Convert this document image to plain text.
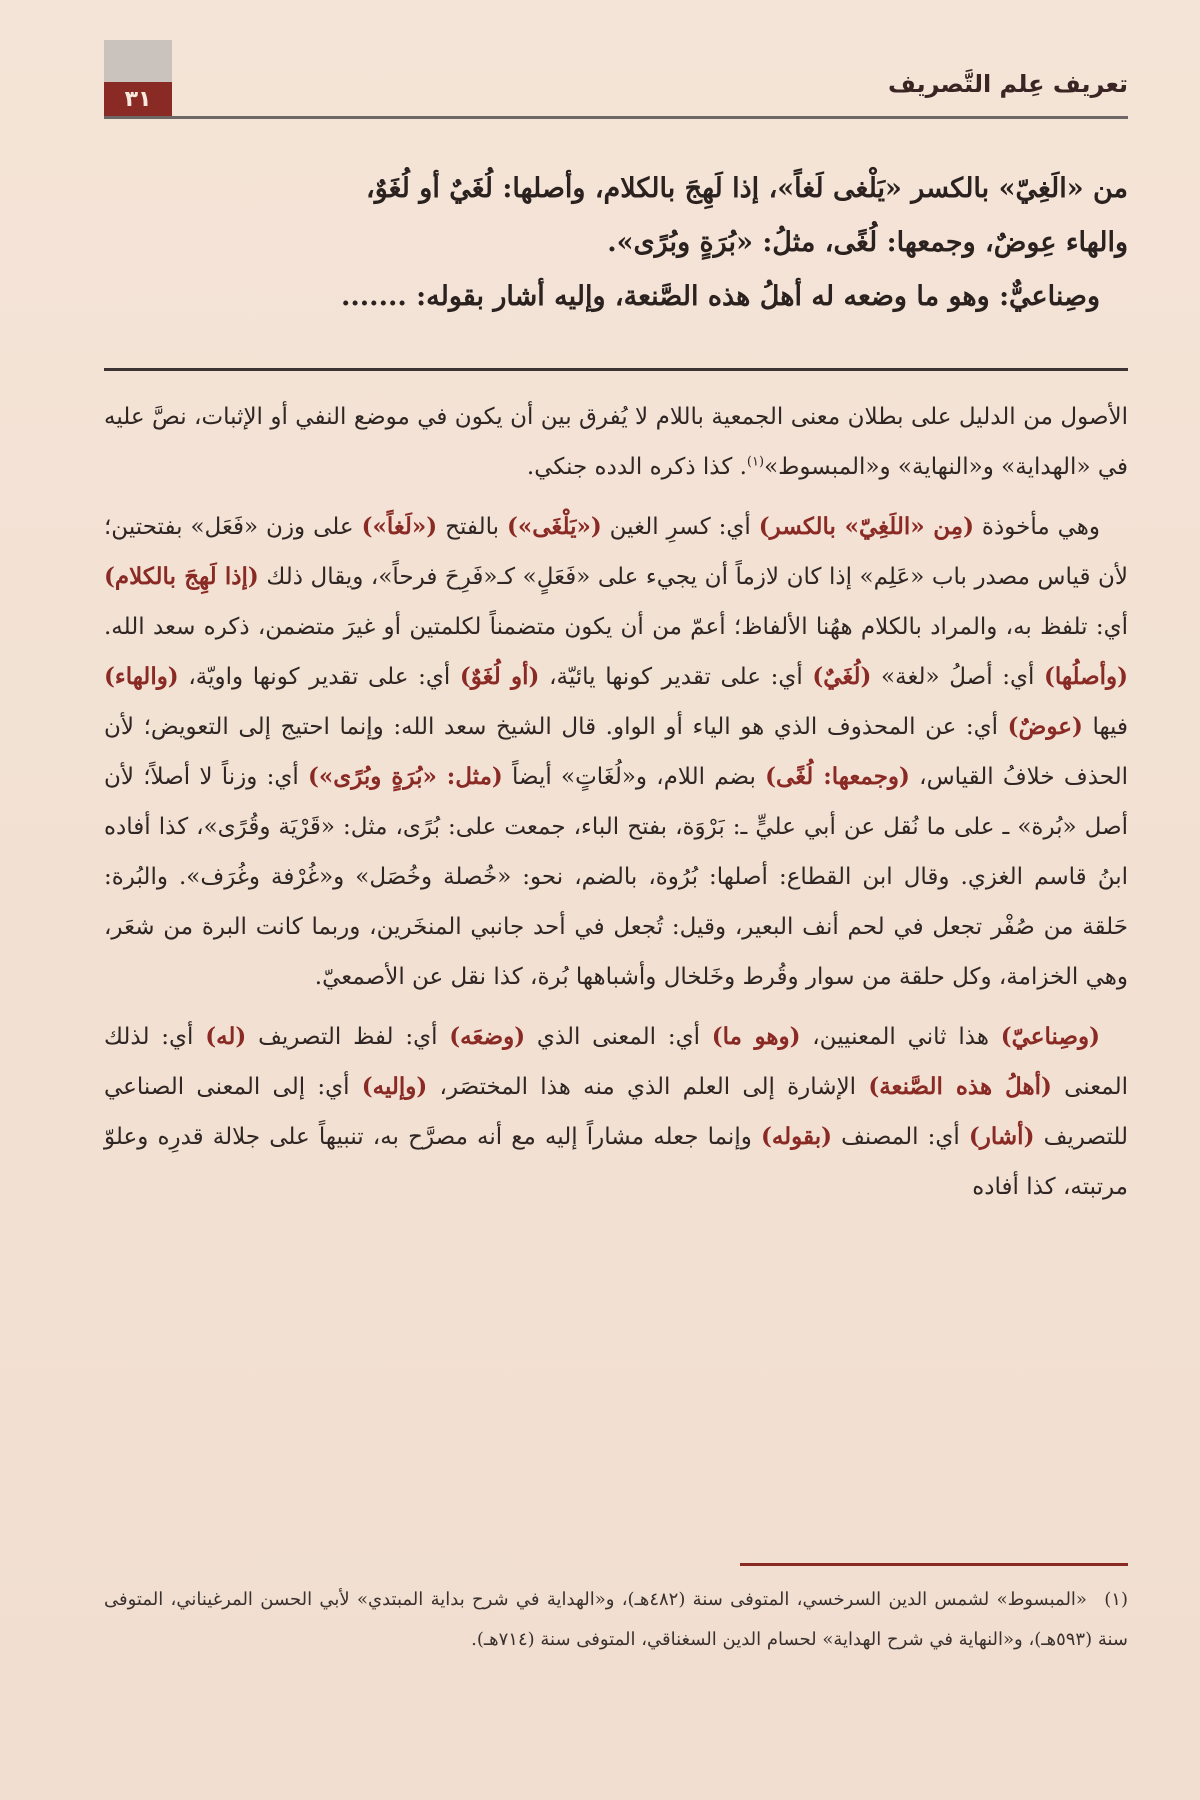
٣١
تعريف عِلم التَّصريف

من «الَغِيّ» بالكسر «يَلْغى لَغاً»، إذا لَهِجَ بالكلام، وأصلها: لُغَيٌ أو لُغَوٌ،

والهاء عِوضٌ، وجمعها: لُغًى، مثلُ: «بُرَةٍ وبُرًى».

وصِناعيٌّ: وهو ما وضعه له أهلُ هذه الصَّنعة، وإليه أشار بقوله: .......

الأصول من الدليل على بطلان معنى الجمعية باللام لا يُفرق بين أن يكون في موضع النفي أو الإثبات، نصَّ عليه في «الهداية» و«النهاية» و«المبسوط»$^{(١)}$. كذا ذكره الدده جنكي.

وهي مأخوذة (مِن «اللَغِيّ» بالكسر) أي: كسرِ الغين («يَلْغَى») بالفتح («لَغاً») على وزن «فَعَل» بفتحتين؛ لأن قياس مصدر باب «عَلِم» إذا كان لازماً أن يجيء على «فَعَلٍ» كـ«فَرِحَ فرحاً»، ويقال ذلك (إذا لَهِجَ بالكلام) أي: تلفظ به، والمراد بالكلام ههُنا الألفاظ؛ أعمّ من أن يكون متضمناً لكلمتين أو غيرَ متضمن، ذكره سعد الله. (وأصلُها) أي: أصلُ «لغة» (لُغَيٌ) أي: على تقدير كونها يائيّة، (أو لُغَوٌ) أي: على تقدير كونها واويّة، (والهاء) فيها (عوضٌ) أي: عن المحذوف الذي هو الياء أو الواو. قال الشيخ سعد الله: وإنما احتيج إلى التعويض؛ لأن الحذف خلافُ القياس، (وجمعها: لُغًى) بضم اللام، و«لُغَاتٍ» أيضاً (مثل: «بُرَةٍ وبُرًى») أي: وزناً لا أصلاً؛ لأن أصل «بُرة» ـ على ما نُقل عن أبي عليٍّ ـ: بَرْوَة، بفتح الباء، جمعت على: بُرًى، مثل: «قَرْيَة وقُرًى»، كذا أفاده ابنُ قاسم الغزي. وقال ابن القطاع: أصلها: بُرُوة، بالضم، نحو: «خُصلة وخُصَل» و«غُرْفة وغُرَف». والبُرة: حَلقة من صُفْر تجعل في لحم أنف البعير، وقيل: تُجعل في أحد جانبي المنخَرين، وربما كانت البرة من شعَر، وهي الخزامة، وكل حلقة من سوار وقُرط وخَلخال وأشباهها بُرة، كذا نقل عن الأصمعيّ.

(وصِناعيّ) هذا ثاني المعنيين، (وهو ما) أي: المعنى الذي (وضعَه) أي: لفظ التصريف (له) أي: لذلك المعنى (أهلُ هذه الصَّنعة) الإشارة إلى العلم الذي منه هذا المختصَر، (وإليه) أي: إلى المعنى الصناعي للتصريف (أشار) أي: المصنف (بقوله) وإنما جعله مشاراً إليه مع أنه مصرَّح به، تنبيهاً على جلالة قدرِه وعلوّ مرتبته، كذا أفاده

(١) «المبسوط» لشمس الدين السرخسي، المتوفى سنة (٤٨٢هـ)، و«الهداية في شرح بداية المبتدي» لأبي الحسن المرغيناني، المتوفى سنة (٥٩٣هـ)، و«النهاية في شرح الهداية» لحسام الدين السغناقي، المتوفى سنة (٧١٤هـ).
